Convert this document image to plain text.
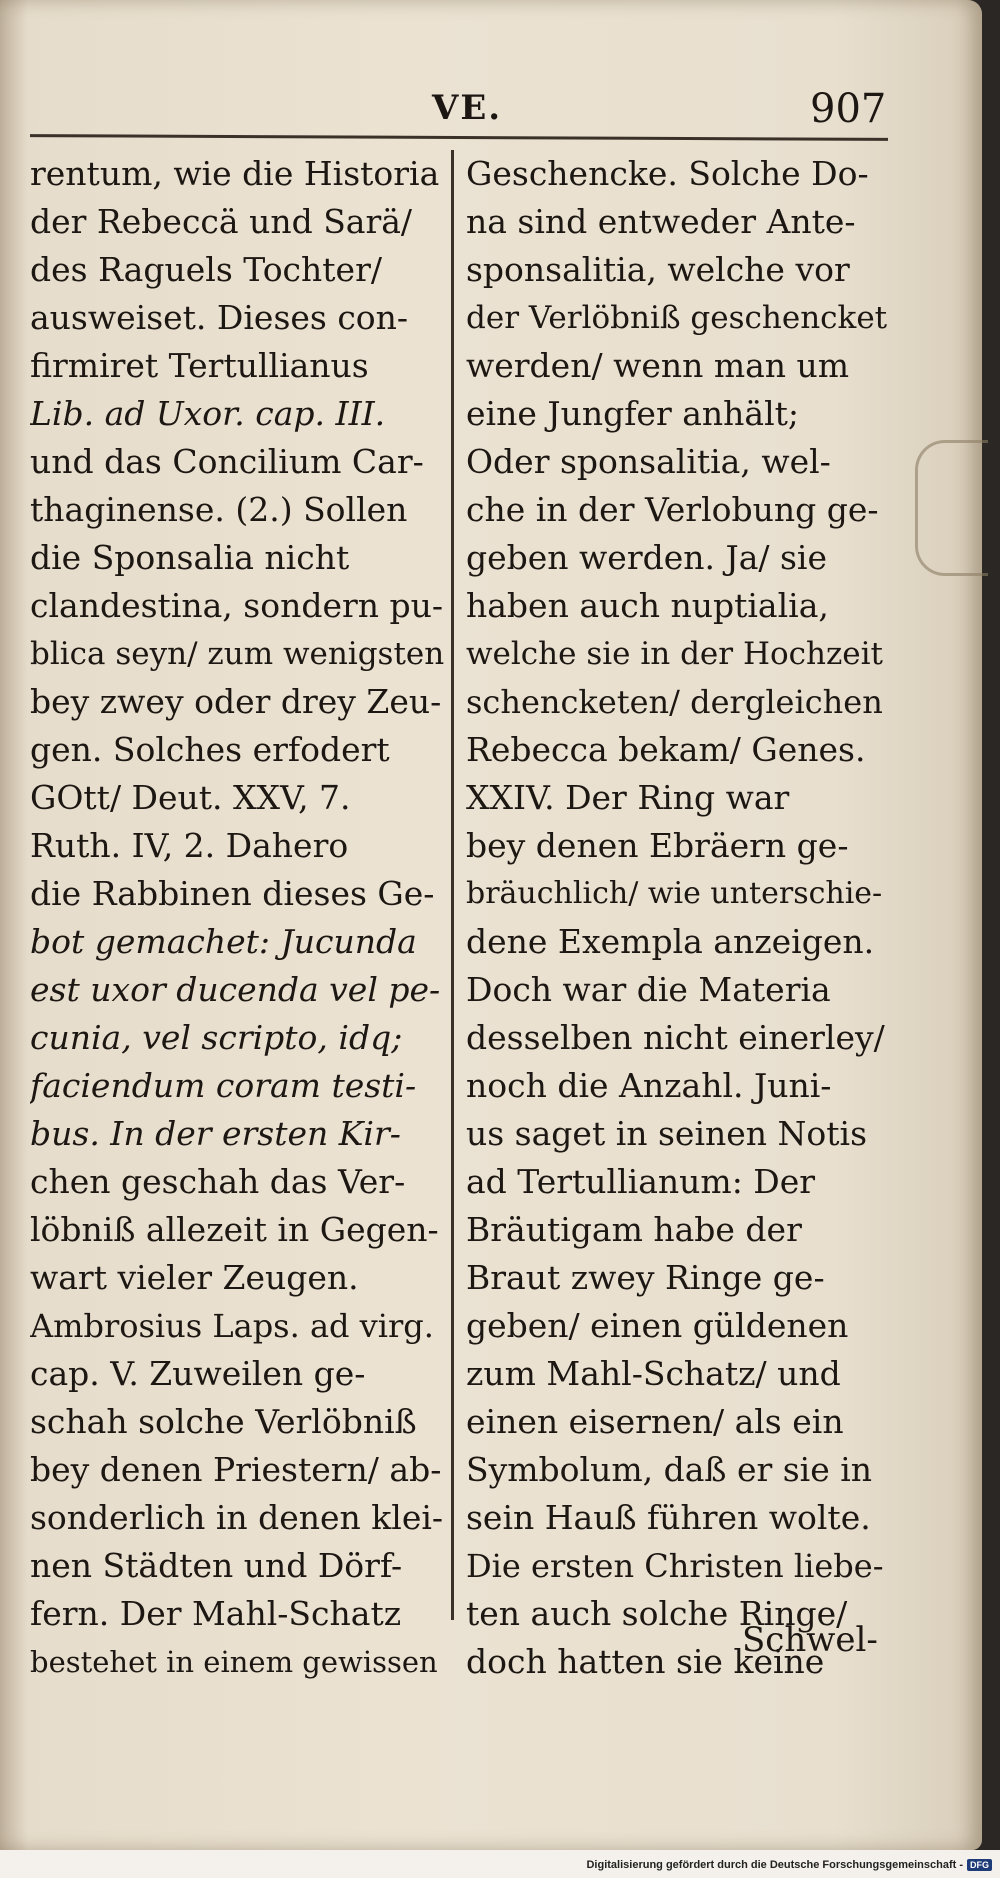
VE.	907
rentum, wie die Historia
der Rebeccä und Sarä/
des Raguels Tochter/
ausweiset. Dieses con-
firmiret Tertullianus
Lib. ad Uxor. cap. III.
und das Concilium Car-
thaginense. (2.) Sollen
die Sponsalia nicht
clandestina, sondern pu-
blica seyn/ zum wenigsten
bey zwey oder drey Zeu-
gen. Solches erfodert
GOtt/ Deut. XXV, 7.
Ruth. IV, 2. Dahero
die Rabbinen dieses Ge-
bot gemachet: Jucunda
est uxor ducenda vel pe-
cunia, vel scripto, idq;
faciendum coram testi-
bus. In der ersten Kir-
chen geschah das Ver-
löbniß allezeit in Gegen-
wart vieler Zeugen.
Ambrosius Laps. ad virg.
cap. V. Zuweilen ge-
schah solche Verlöbniß
bey denen Priestern/ ab-
sonderlich in denen klei-
nen Städten und Dörf-
fern. Der Mahl-Schatz
bestehet in einem gewissen
Geschencke. Solche Do-
na sind entweder Ante-
sponsalitia, welche vor
der Verlöbniß geschencket
werden/ wenn man um
eine Jungfer anhält;
Oder sponsalitia, wel-
che in der Verlobung ge-
geben werden. Ja/ sie
haben auch nuptialia,
welche sie in der Hochzeit
schencketen/ dergleichen
Rebecca bekam/ Genes.
XXIV. Der Ring war
bey denen Ebräern ge-
bräuchlich/ wie unterschie-
dene Exempla anzeigen.
Doch war die Materia
desselben nicht einerley/
noch die Anzahl. Juni-
us saget in seinen Notis
ad Tertullianum: Der
Bräutigam habe der
Braut zwey Ringe ge-
geben/ einen güldenen
zum Mahl-Schatz/ und
einen eisernen/ als ein
Symbolum, daß er sie in
sein Hauß führen wolte.
Die ersten Christen liebe-
ten auch solche Ringe/
doch hatten sie keine
Schwel-
Digitalisierung gefördert durch die Deutsche Forschungsgemeinschaft - DFG
